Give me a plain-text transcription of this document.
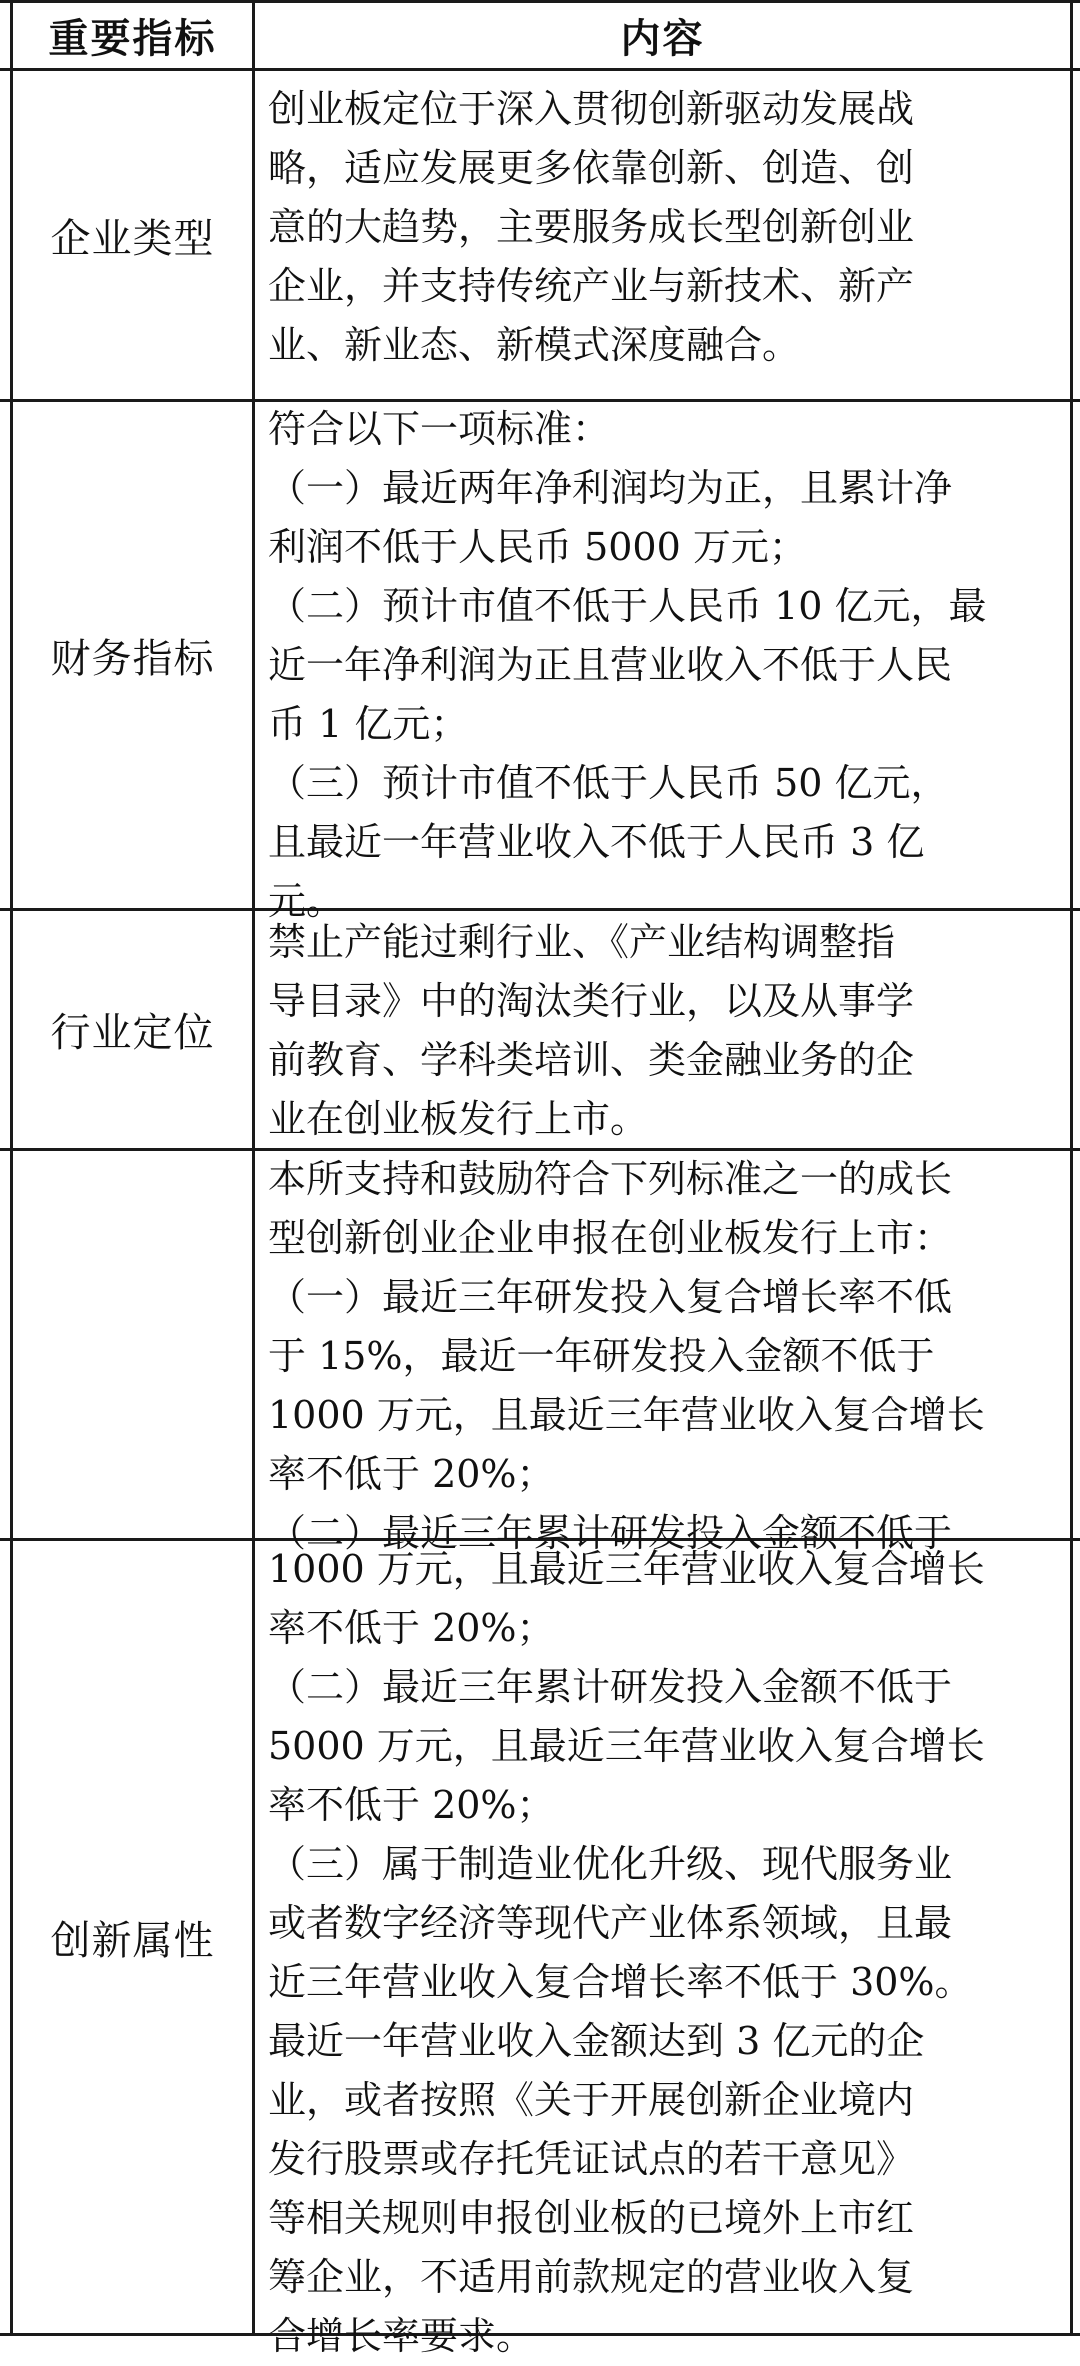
重要指标	内容
企业类型
创业板定位于深入贯彻创新驱动发展战
略，适应发展更多依靠创新、创造、创
意的大趋势，主要服务成长型创新创业
企业，并支持传统产业与新技术、新产
业、新业态、新模式深度融合。
财务指标
符合以下一项标准：
（一）最近两年净利润均为正，且累计净
利润不低于人民币 5000 万元；
（二）预计市值不低于人民币 10 亿元，最
近一年净利润为正且营业收入不低于人民
币 1 亿元；
（三）预计市值不低于人民币 50 亿元，
且最近一年营业收入不低于人民币 3 亿
元。
行业定位
禁止产能过剩行业、《产业结构调整指
导目录》中的淘汰类行业，以及从事学
前教育、学科类培训、类金融业务的企
业在创业板发行上市。
本所支持和鼓励符合下列标准之一的成长
型创新创业企业申报在创业板发行上市：
（一）最近三年研发投入复合增长率不低
于 15%，最近一年研发投入金额不低于
1000 万元，且最近三年营业收入复合增长
率不低于 20%；
（二）最近三年累计研发投入金额不低于
创新属性
1000 万元，且最近三年营业收入复合增长
率不低于 20%；
（二）最近三年累计研发投入金额不低于
5000 万元，且最近三年营业收入复合增长
率不低于 20%；
（三）属于制造业优化升级、现代服务业
或者数字经济等现代产业体系领域，且最
近三年营业收入复合增长率不低于 30%。
最近一年营业收入金额达到 3 亿元的企
业，或者按照《关于开展创新企业境内
发行股票或存托凭证试点的若干意见》
等相关规则申报创业板的已境外上市红
筹企业，不适用前款规定的营业收入复
合增长率要求。
